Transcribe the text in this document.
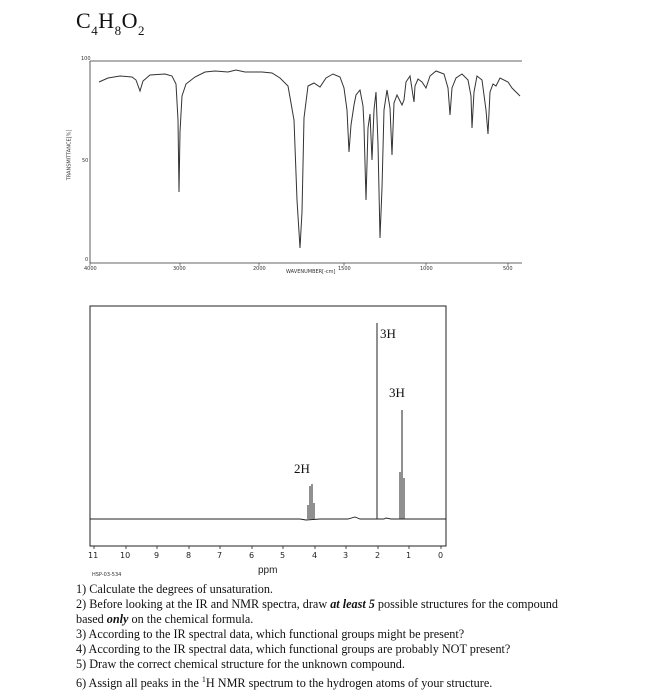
$C_4H_8O_2$
100
50
0
TRANSMITTANCE[%]
4000	3000	2000	1500	1000	500
WAVENUMBER[-cm]
3H
3H
2H
11	10	9	8	7	6	5	4	3	2	1	0
ppm
HSP-03-534
1) Calculate the degrees of unsaturation.
2) Before looking at the IR and NMR spectra, draw at least 5 possible structures for the compound
based only on the chemical formula.
3) According to the IR spectral data, which functional groups might be present?
4) According to the IR spectral data, which functional groups are probably NOT present?
5) Draw the correct chemical structure for the unknown compound.
6) Assign all peaks in the $^1$H NMR spectrum to the hydrogen atoms of your structure.
